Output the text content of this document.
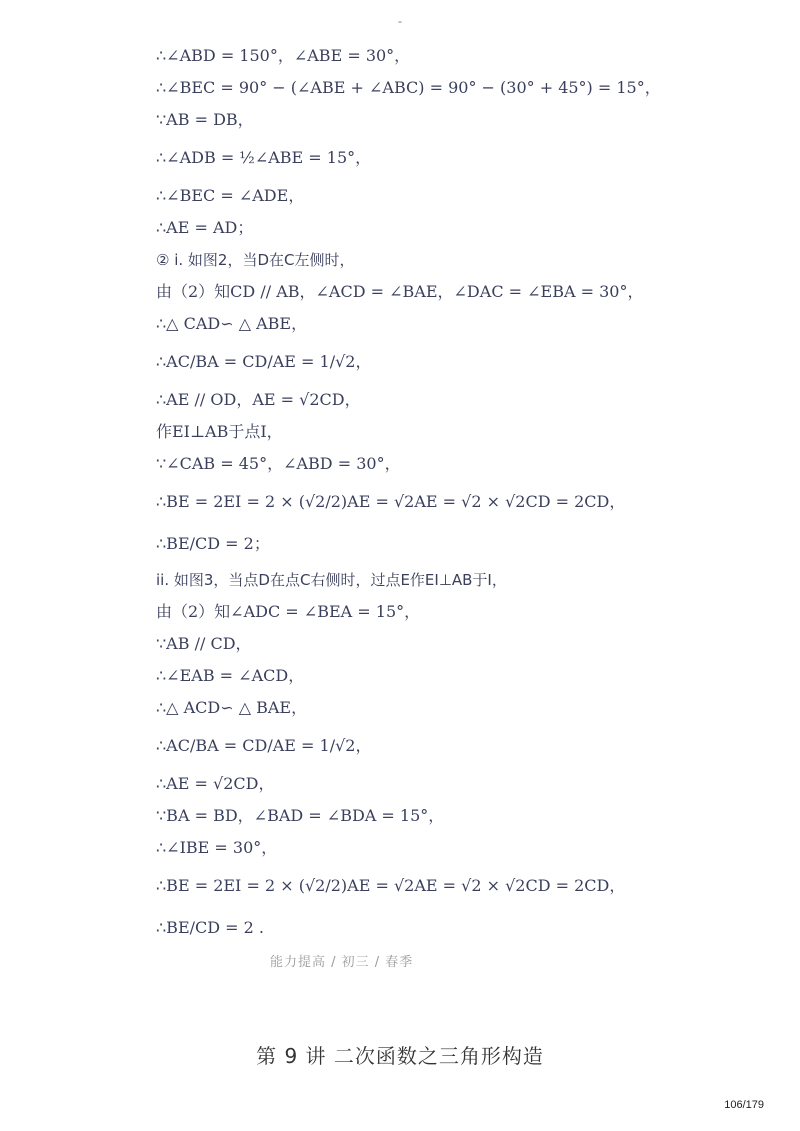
-
∴∠ABD = 150°，∠ABE = 30°，
∴∠BEC = 90° − (∠ABE + ∠ABC) = 90° − (30° + 45°) = 15°，
∵AB = DB，
∴∠ADB = ½∠ABE = 15°，
∴∠BEC = ∠ADE，
∴AE = AD；
② i. 如图2，当D在C左侧时，
由（2）知CD // AB，∠ACD = ∠BAE，∠DAC = ∠EBA = 30°，
∴△ CAD∽ △ ABE，
∴AC/BA = CD/AE = 1/√2，
∴AE // OD，AE = √2CD，
作EI⊥AB于点I，
∵∠CAB = 45°，∠ABD = 30°，
∴BE = 2EI = 2 × (√2/2)AE = √2AE = √2 × √2CD = 2CD，
∴BE/CD = 2；
ii. 如图3，当点D在点C右侧时，过点E作EI⊥AB于I，
由（2）知∠ADC = ∠BEA = 15°，
∵AB // CD，
∴∠EAB = ∠ACD，
∴△ ACD∽ △ BAE，
∴AC/BA = CD/AE = 1/√2，
∴AE = √2CD，
∵BA = BD，∠BAD = ∠BDA = 15°，
∴∠IBE = 30°，
∴BE = 2EI = 2 × (√2/2)AE = √2AE = √2 × √2CD = 2CD，
∴BE/CD = 2 .
能力提高 / 初三 / 春季
第 9 讲 二次函数之三角形构造
106/179
